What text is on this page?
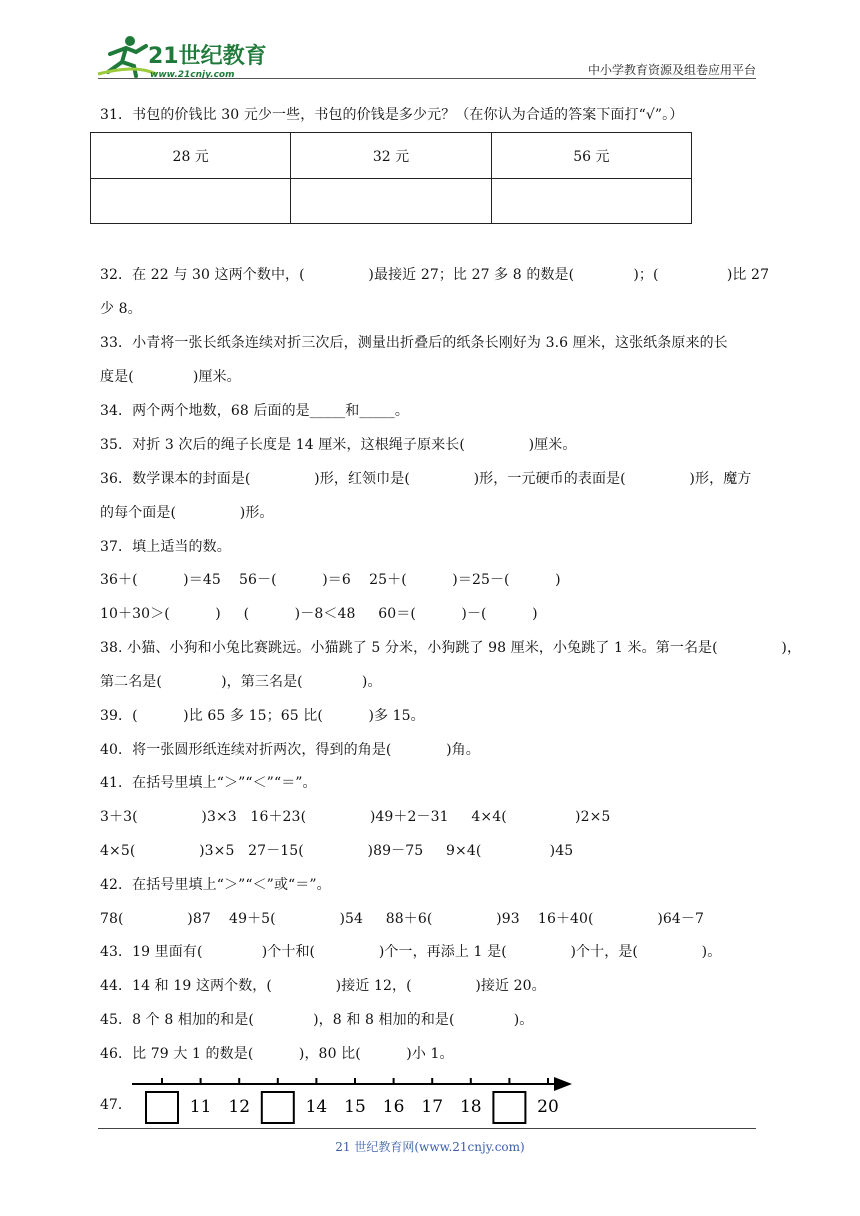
21世纪教育
www.21cnjy.com	中小学教育资源及组卷应用平台
31．书包的价钱比 30 元少一些，书包的价钱是多少元？（在你认为合适的答案下面打“√”。）
28 元	32 元	56 元

32．在 22 与 30 这两个数中，(              )最接近 27；比 27 多 8 的数是(             )；(               )比 27
少 8。
33．小青将一张长纸条连续对折三次后，测量出折叠后的纸条长刚好为 3.6 厘米，这张纸条原来的长
度是(             )厘米。
34．两个两个地数，68 后面的是_____和_____。
35．对折 3 次后的绳子长度是 14 厘米，这根绳子原来长(              )厘米。
36．数学课本的封面是(              )形，红领巾是(              )形，一元硬币的表面是(              )形，魔方
的每个面是(              )形。
37．填上适当的数。
36＋(          )＝45    56－(          )＝6    25＋(          )＝25－(          )
10＋30＞(          )     (          )－8＜48     60＝(          )－(          )
38. 小猫、小狗和小兔比赛跳远。小猫跳了 5 分米，小狗跳了 98 厘米，小兔跳了 1 米。第一名是(              )，
第二名是(             )，第三名是(             )。
39．(          )比 65 多 15；65 比(          )多 15。
40．将一张圆形纸连续对折两次，得到的角是(            )角。
41．在括号里填上“＞”“＜”“＝”。
3＋3(              )3×3   16＋23(              )49＋2－31     4×4(               )2×5
4×5(              )3×5   27－15(              )89－75     9×4(               )45
42．在括号里填上“＞”“＜”或“＝”。
78(              )87    49＋5(              )54     88＋6(              )93    16＋40(              )64－7
43．19 里面有(             )个十和(              )个一，再添上 1 是(              )个十，是(              )。
44．14 和 19 这两个数，(              )接近 12，(              )接近 20。
45．8 个 8 相加的和是(             )，8 和 8 相加的和是(             )。
46．比 79 大 1 的数是(          )，80 比(          )小 1。
47．	11 12	14 15 16 17 18	20
21 世纪教育网(www.21cnjy.com)
